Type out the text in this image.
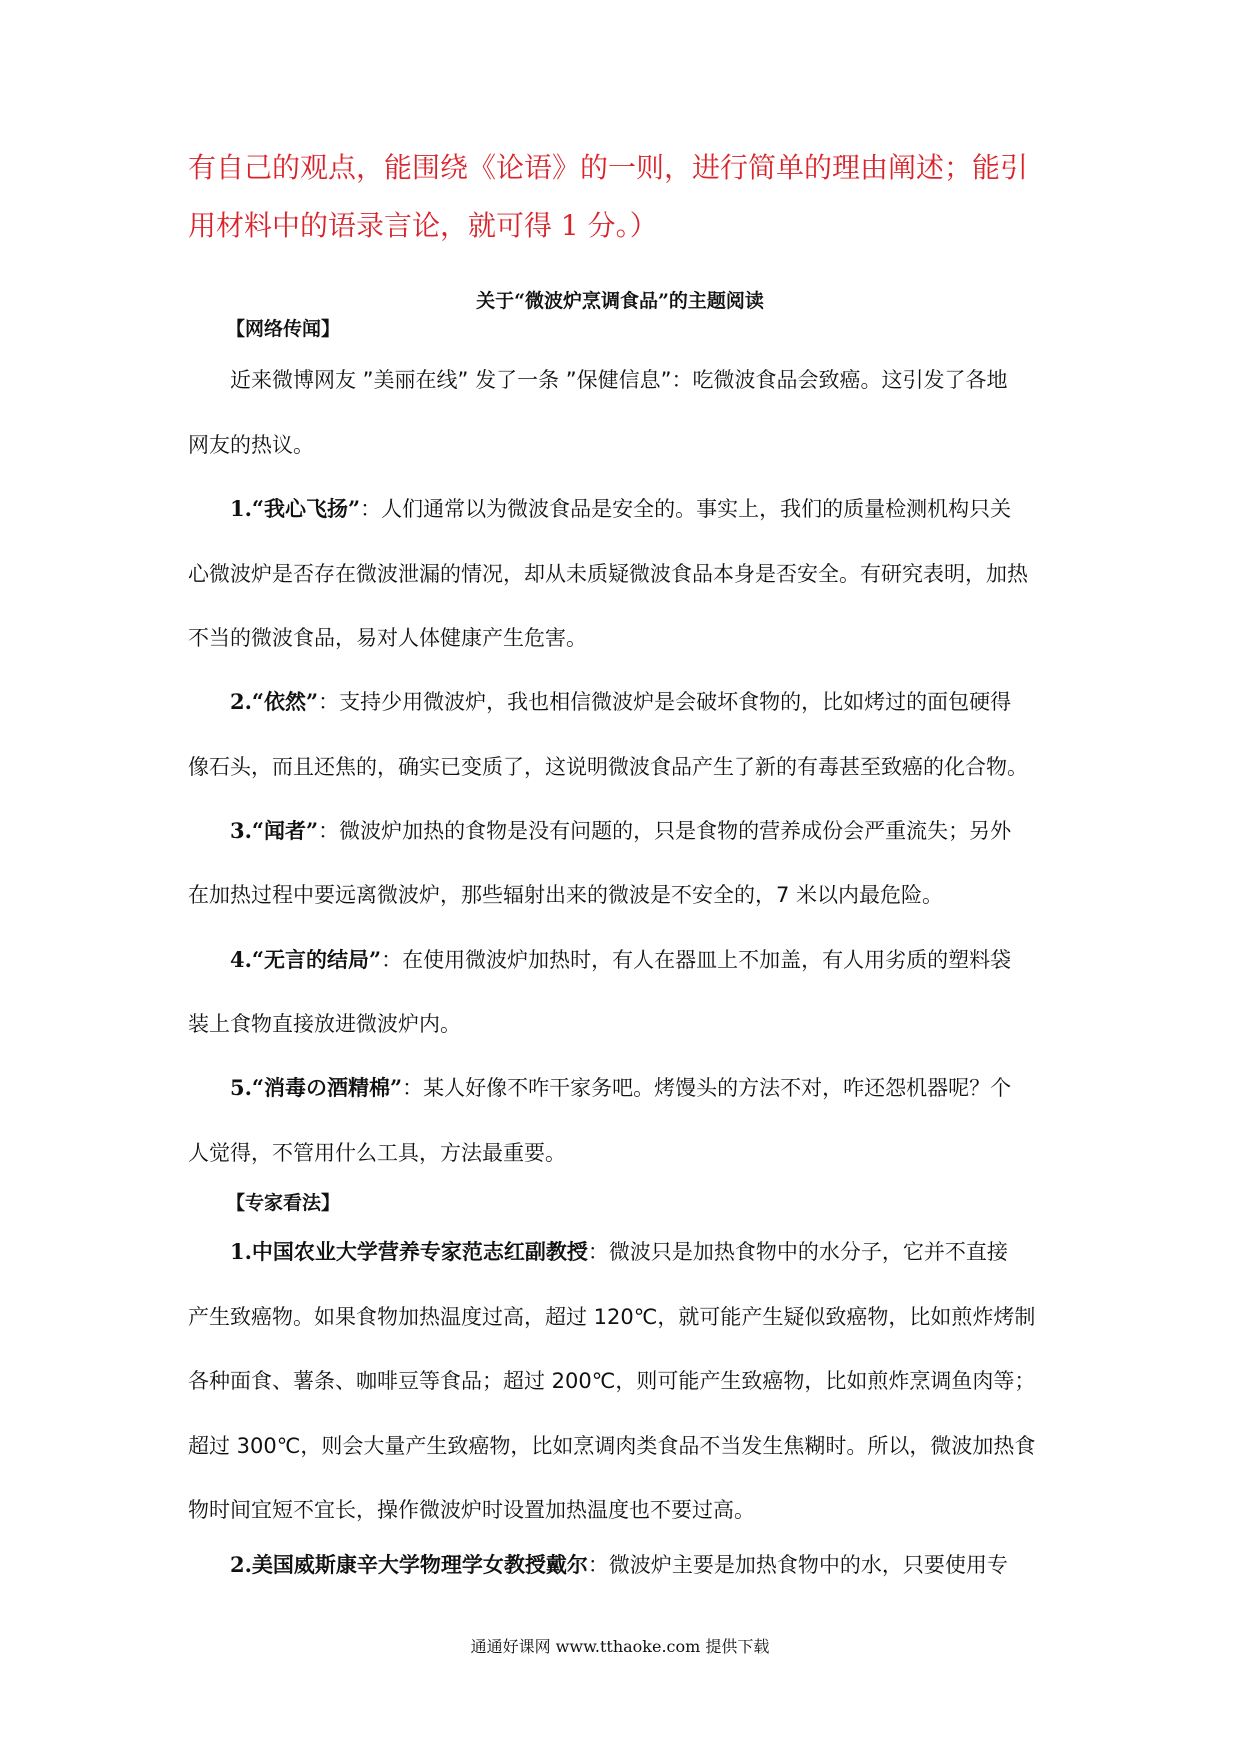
有自己的观点，能围绕《论语》的一则，进行简单的理由阐述；能引
用材料中的语录言论，就可得 1 分。）
关于“微波炉烹调食品”的主题阅读
【网络传闻】
近来微博网友 ”美丽在线” 发了一条 ”保健信息”：吃微波食品会致癌。这引发了各地
网友的热议。
1.“我心飞扬”：人们通常以为微波食品是安全的。事实上，我们的质量检测机构只关
心微波炉是否存在微波泄漏的情况，却从未质疑微波食品本身是否安全。有研究表明，加热
不当的微波食品，易对人体健康产生危害。
2.“依然”：支持少用微波炉，我也相信微波炉是会破坏食物的，比如烤过的面包硬得
像石头，而且还焦的，确实已变质了，这说明微波食品产生了新的有毒甚至致癌的化合物。
3.“闻者”：微波炉加热的食物是没有问题的，只是食物的营养成份会严重流失；另外
在加热过程中要远离微波炉，那些辐射出来的微波是不安全的，7 米以内最危险。
4.“无言的结局”：在使用微波炉加热时，有人在器皿上不加盖，有人用劣质的塑料袋
装上食物直接放进微波炉内。
5.“消毒の酒精棉”：某人好像不咋干家务吧。烤馒头的方法不对，咋还怨机器呢？个
人觉得，不管用什么工具，方法最重要。
【专家看法】
1.中国农业大学营养专家范志红副教授：微波只是加热食物中的水分子，它并不直接
产生致癌物。如果食物加热温度过高，超过 120℃，就可能产生疑似致癌物，比如煎炸烤制
各种面食、薯条、咖啡豆等食品；超过 200℃，则可能产生致癌物，比如煎炸烹调鱼肉等；
超过 300℃，则会大量产生致癌物，比如烹调肉类食品不当发生焦糊时。所以，微波加热食
物时间宜短不宜长，操作微波炉时设置加热温度也不要过高。
2.美国威斯康辛大学物理学女教授戴尔：微波炉主要是加热食物中的水，只要使用专
通通好课网 www.tthaoke.com 提供下载
